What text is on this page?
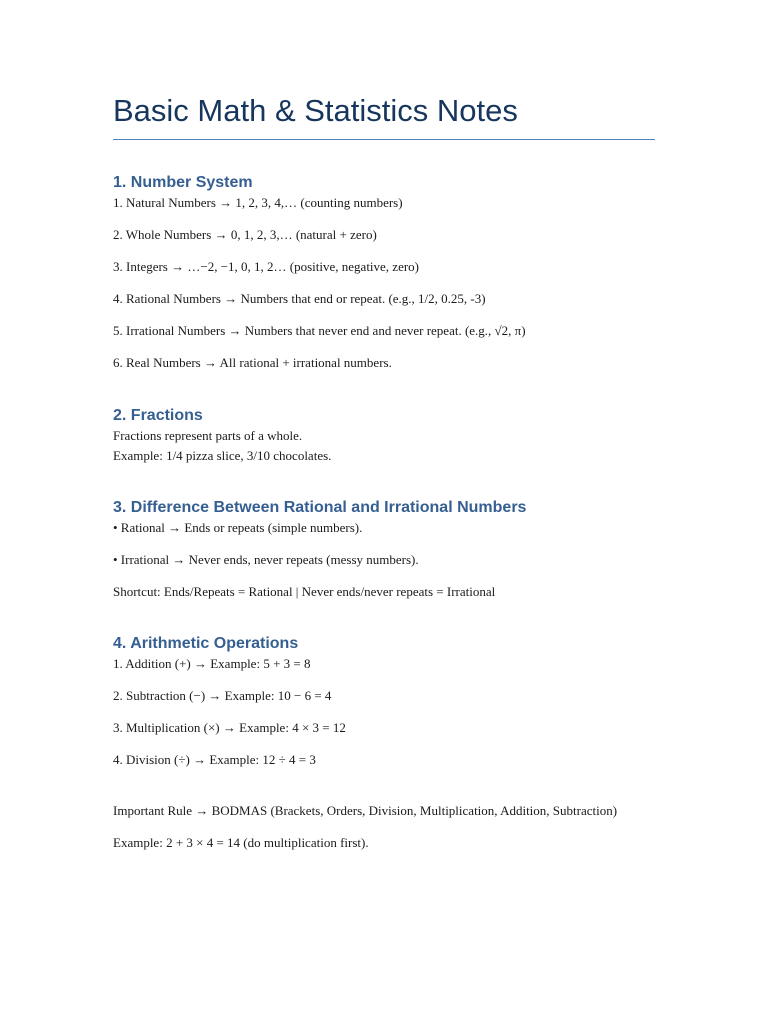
Basic Math & Statistics Notes
1. Number System

1. Natural Numbers → 1, 2, 3, 4,… (counting numbers)

2. Whole Numbers → 0, 1, 2, 3,… (natural + zero)

3. Integers → …−2, −1, 0, 1, 2… (positive, negative, zero)

4. Rational Numbers → Numbers that end or repeat. (e.g., 1/2, 0.25, -3)

5. Irrational Numbers → Numbers that never end and never repeat. (e.g., √2, π)

6. Real Numbers → All rational + irrational numbers.

2. Fractions

Fractions represent parts of a whole.

Example: 1/4 pizza slice, 3/10 chocolates.

3. Difference Between Rational and Irrational Numbers

• Rational → Ends or repeats (simple numbers).

• Irrational → Never ends, never repeats (messy numbers).

Shortcut: Ends/Repeats = Rational | Never ends/never repeats = Irrational

4. Arithmetic Operations

1. Addition (+) → Example: 5 + 3 = 8

2. Subtraction (−) → Example: 10 − 6 = 4

3. Multiplication (×) → Example: 4 × 3 = 12

4. Division (÷) → Example: 12 ÷ 4 = 3

Important Rule → BODMAS (Brackets, Orders, Division, Multiplication, Addition, Subtraction)

Example: 2 + 3 × 4 = 14 (do multiplication first).
